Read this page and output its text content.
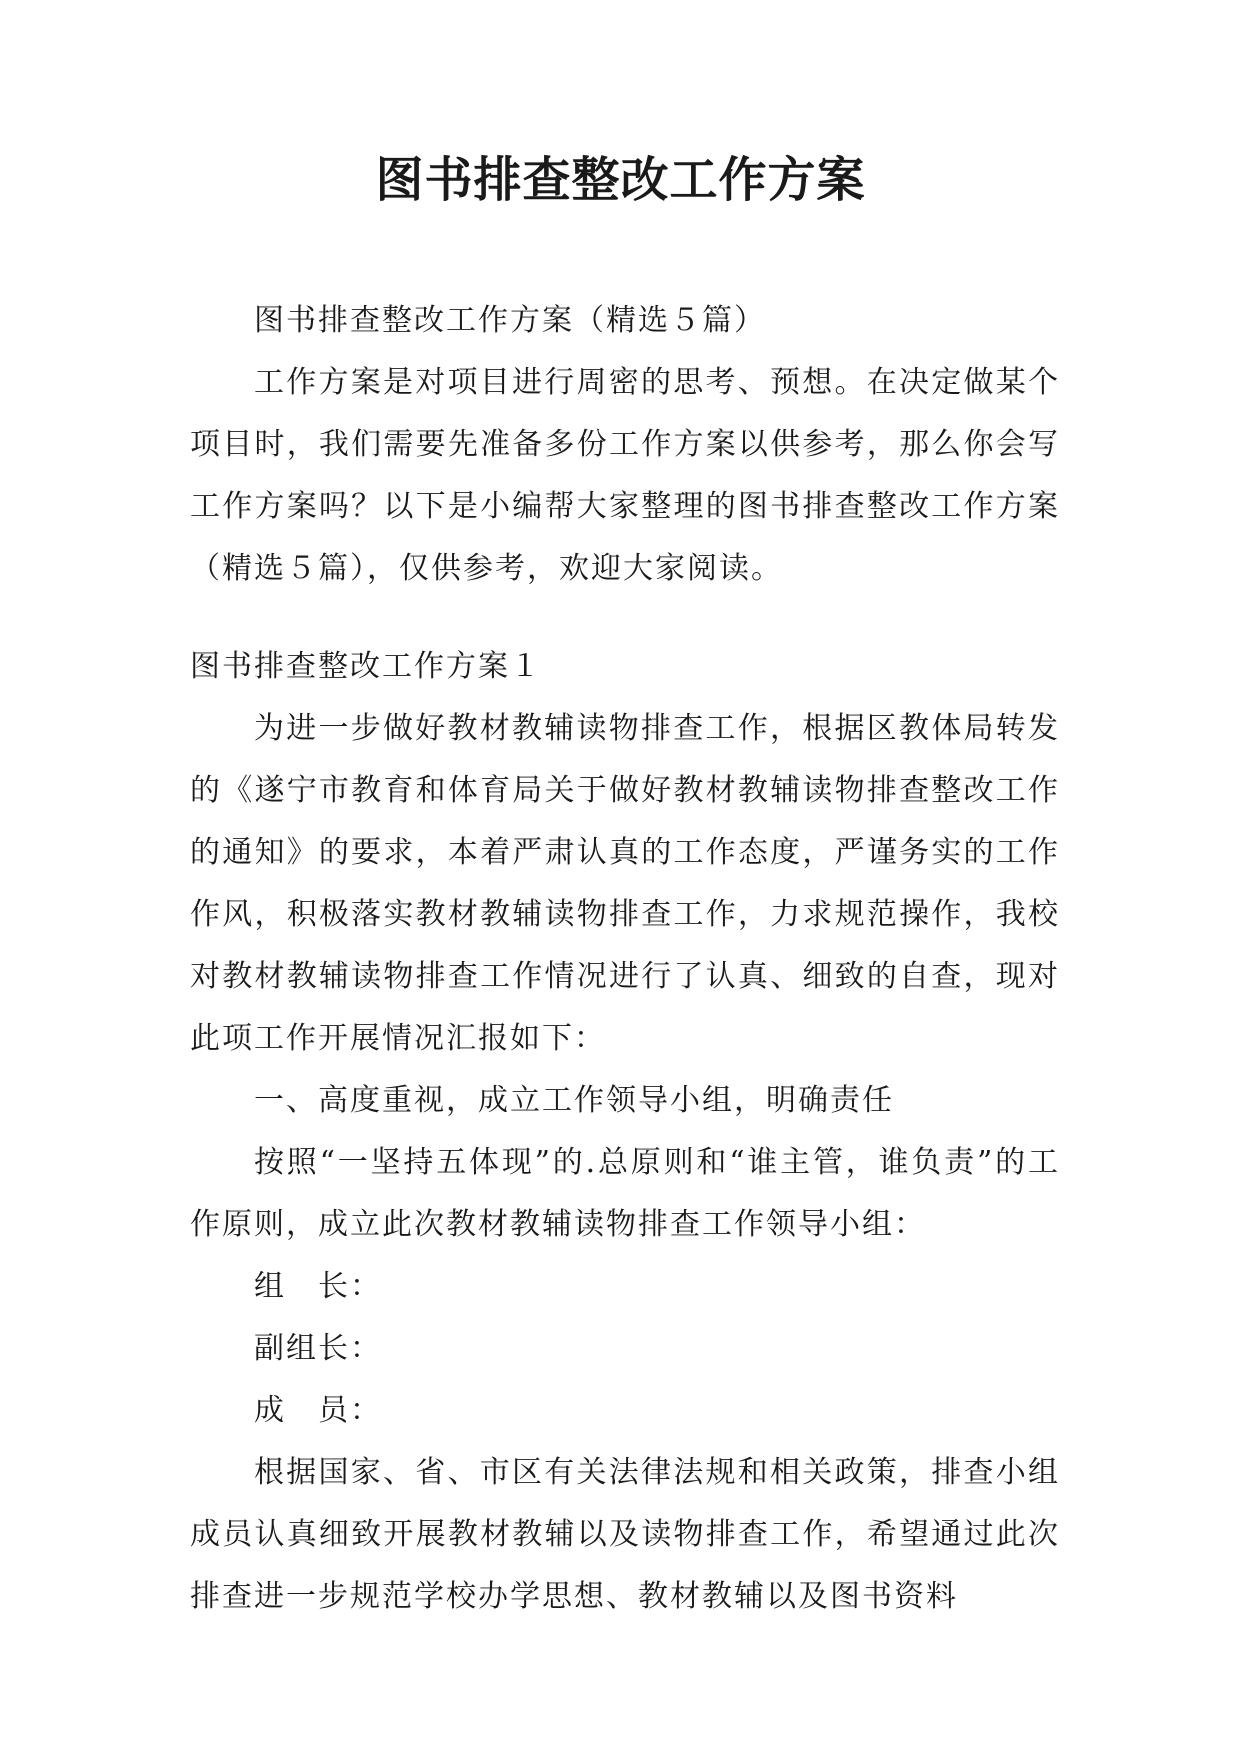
图书排查整改工作方案

图书排查整改工作方案（精选５篇）

工作方案是对项目进行周密的思考、预想。在决定做某个项目时，我们需要先准备多份工作方案以供参考，那么你会写工作方案吗？以下是小编帮大家整理的图书排查整改工作方案（精选５篇），仅供参考，欢迎大家阅读。

图书排查整改工作方案１

为进一步做好教材教辅读物排查工作，根据区教体局转发的《遂宁市教育和体育局关于做好教材教辅读物排查整改工作的通知》的要求，本着严肃认真的工作态度，严谨务实的工作作风，积极落实教材教辅读物排查工作，力求规范操作，我校对教材教辅读物排查工作情况进行了认真、细致的自查，现对此项工作开展情况汇报如下：

一、高度重视，成立工作领导小组，明确责任

按照“一坚持五体现”的.总原则和“谁主管，谁负责”的工作原则，成立此次教材教辅读物排查工作领导小组：

组　长：

副组长：

成　员：

根据国家、省、市区有关法律法规和相关政策，排查小组成员认真细致开展教材教辅以及读物排查工作，希望通过此次排查进一步规范学校办学思想、教材教辅以及图书资料
